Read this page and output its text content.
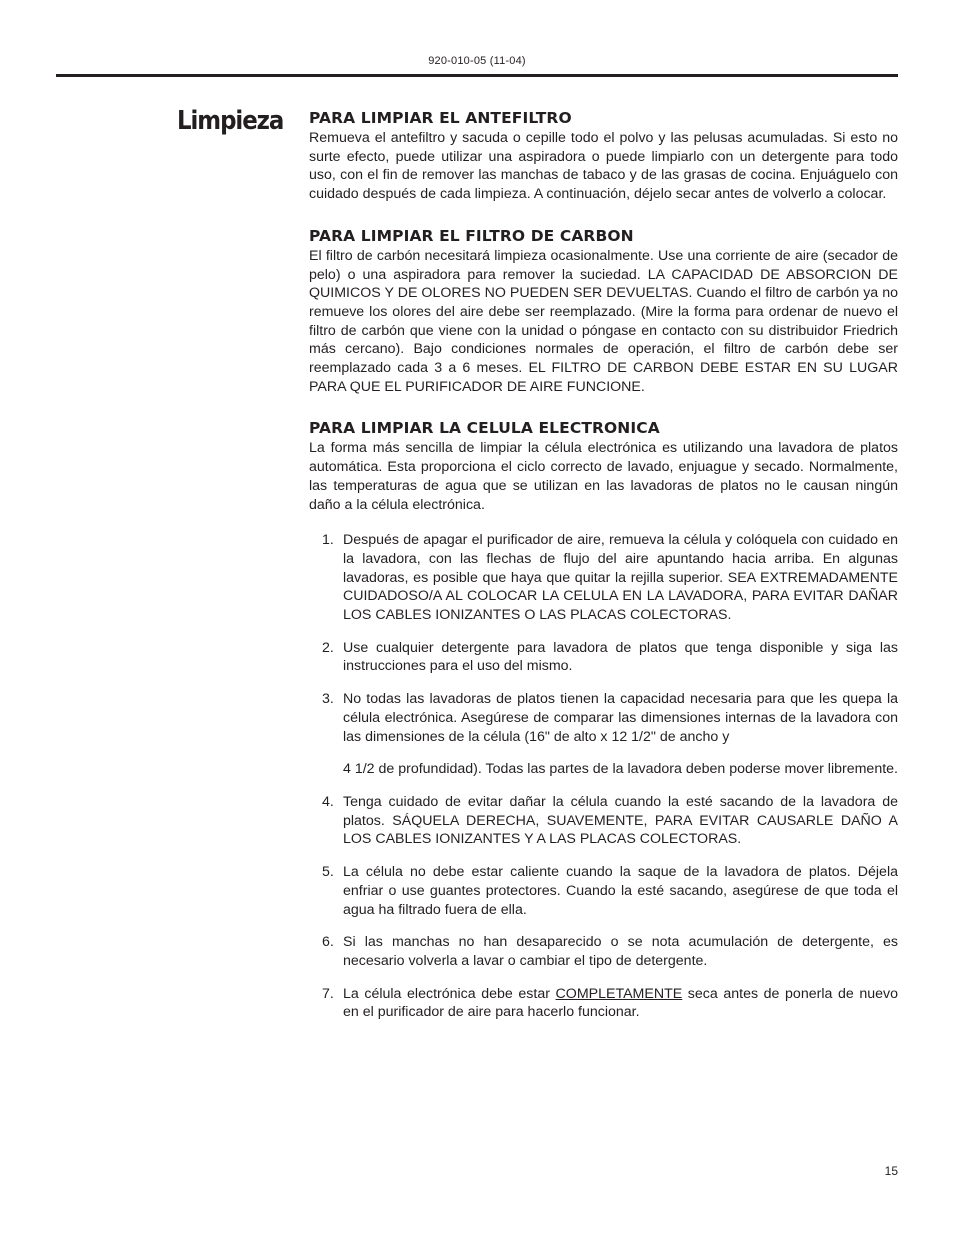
920-010-05 (11-04)
Limpieza PARA LIMPIAR EL ANTEFILTRO

Remueva el antefiltro y sacuda o cepille todo el polvo y las pelusas acumuladas. Si esto no surte efecto, puede utilizar una aspiradora o puede limpiarlo con un detergente para todo uso, con el fin de remover las manchas de tabaco y de las grasas de cocina. Enjuáguelo con cuidado después de cada limpieza. A continuación, déjelo secar antes de volverlo a colocar.

PARA LIMPIAR EL FILTRO DE CARBON

El filtro de carbón necesitará limpieza ocasionalmente. Use una corriente de aire (secador de pelo) o una aspiradora para remover la suciedad. LA CAPACIDAD DE ABSORCION DE QUIMICOS Y DE OLORES NO PUEDEN SER DEVUELTAS. Cuando el filtro de carbón ya no remueve los olores del aire debe ser reemplazado. (Mire la forma para ordenar de nuevo el filtro de carbón que viene con la unidad o póngase en contacto con su distribuidor Friedrich más cercano). Bajo condiciones normales de operación, el filtro de carbón debe ser reemplazado cada 3 a 6 meses. EL FILTRO DE CARBON DEBE ESTAR EN SU LUGAR PARA QUE EL PURIFICADOR DE AIRE FUNCIONE.

PARA LIMPIAR LA CELULA ELECTRONICA

La forma más sencilla de limpiar la célula electrónica es utilizando una lavadora de platos automática. Esta proporciona el ciclo correcto de lavado, enjuague y secado. Normalmente, las temperaturas de agua que se utilizan en las lavadoras de platos no le causan ningún daño a la célula electrónica.

1. Después de apagar el purificador de aire, remueva la célula y colóquela con cuidado en la lavadora, con las flechas de flujo del aire apuntando hacia arriba. En algunas lavadoras, es posible que haya que quitar la rejilla superior. SEA EXTREMADAMENTE CUIDADOSO/A AL COLOCAR LA CELULA EN LA LAVADORA, PARA EVITAR DAÑAR LOS CABLES IONIZANTES O LAS PLACAS COLECTORAS.
2. Use cualquier detergente para lavadora de platos que tenga disponible y siga las instrucciones para el uso del mismo.
3. No todas las lavadoras de platos tienen la capacidad necesaria para que les quepa la célula electrónica. Asegúrese de comparar las dimensiones internas de la lavadora con las dimensiones de la célula (16" de alto x 12 1/2" de ancho y
4 1/2 de profundidad). Todas las partes de la lavadora deben poderse mover libremente.
4. Tenga cuidado de evitar dañar la célula cuando la esté sacando de la lavadora de platos. SÁQUELA DERECHA, SUAVEMENTE, PARA EVITAR CAUSARLE DAÑO A LOS CABLES IONIZANTES Y A LAS PLACAS COLECTORAS.
5. La célula no debe estar caliente cuando la saque de la lavadora de platos. Déjela enfriar o use guantes protectores. Cuando la esté sacando, asegúrese de que toda el agua ha filtrado fuera de ella.
6. Si las manchas no han desaparecido o se nota acumulación de detergente, es necesario volverla a lavar o cambiar el tipo de detergente.
7. La célula electrónica debe estar COMPLETAMENTE seca antes de ponerla de nuevo en el purificador de aire para hacerlo funcionar.
15
